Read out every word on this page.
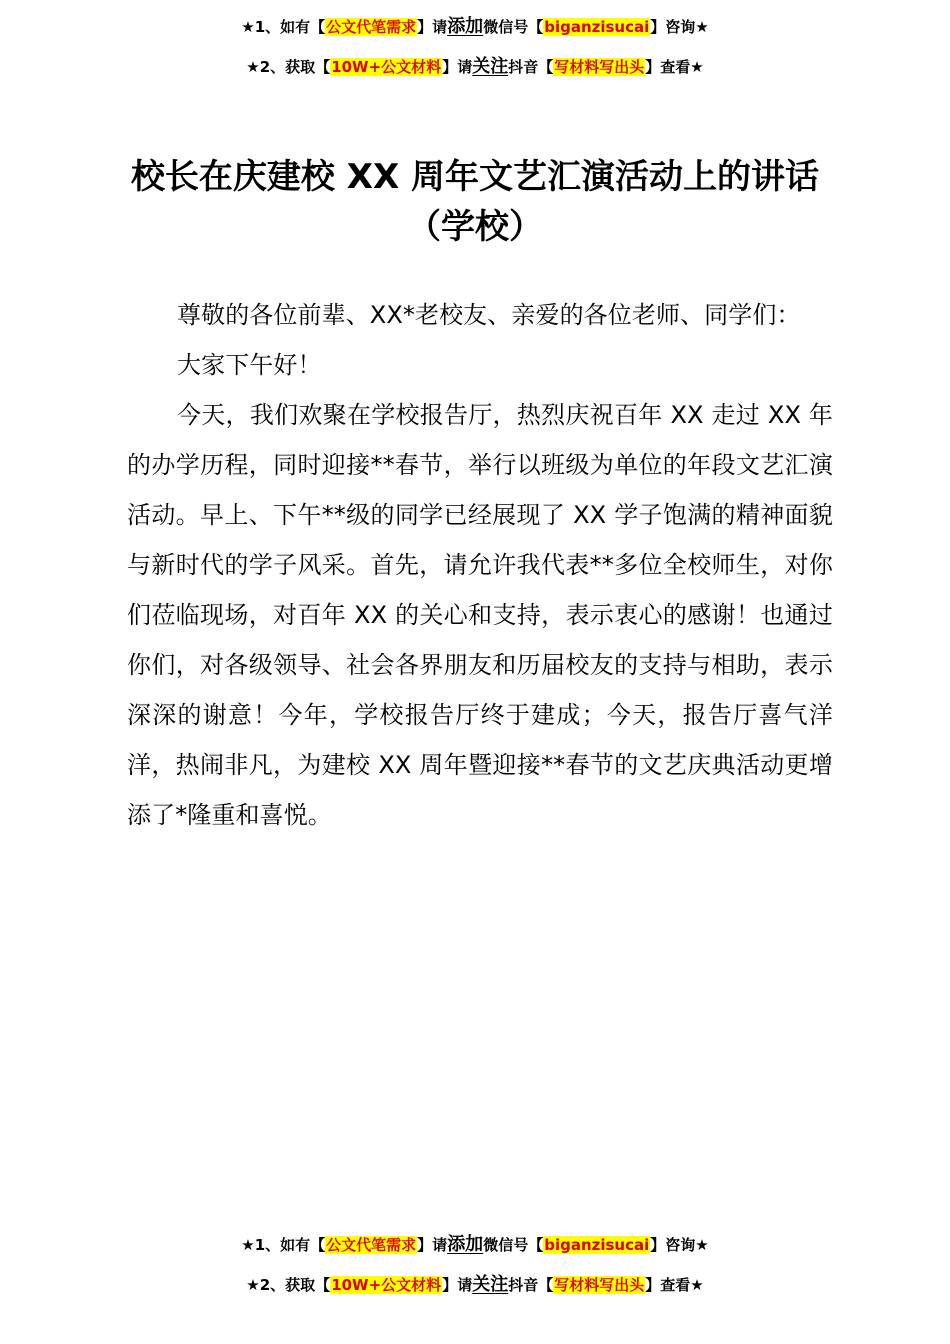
★1、如有【公文代笔需求】请添加微信号【biganzisucai】咨询★
★2、获取【10W+公文材料】请关注抖音【写材料写出头】查看★
校长在庆建校 XX 周年文艺汇演活动上的讲话
（学校）

尊敬的各位前辈、XX*老校友、亲爱的各位老师、同学们：

大家下午好！

今天，我们欢聚在学校报告厅，热烈庆祝百年 XX 走过 XX 年的办学历程，同时迎接**春节，举行以班级为单位的年段文艺汇演活动。早上、下午**级的同学已经展现了 XX 学子饱满的精神面貌与新时代的学子风采。首先，请允许我代表**多位全校师生，对你们莅临现场，对百年 XX 的关心和支持，表示衷心的感谢！也通过你们，对各级领导、社会各界朋友和历届校友的支持与相助，表示深深的谢意！今年，学校报告厅终于建成；今天，报告厅喜气洋洋，热闹非凡，为建校 XX 周年暨迎接**春节的文艺庆典活动更增添了*隆重和喜悦。

★1、如有【公文代笔需求】请添加微信号【biganzisucai】咨询★
★2、获取【10W+公文材料】请关注抖音【写材料写出头】查看★
